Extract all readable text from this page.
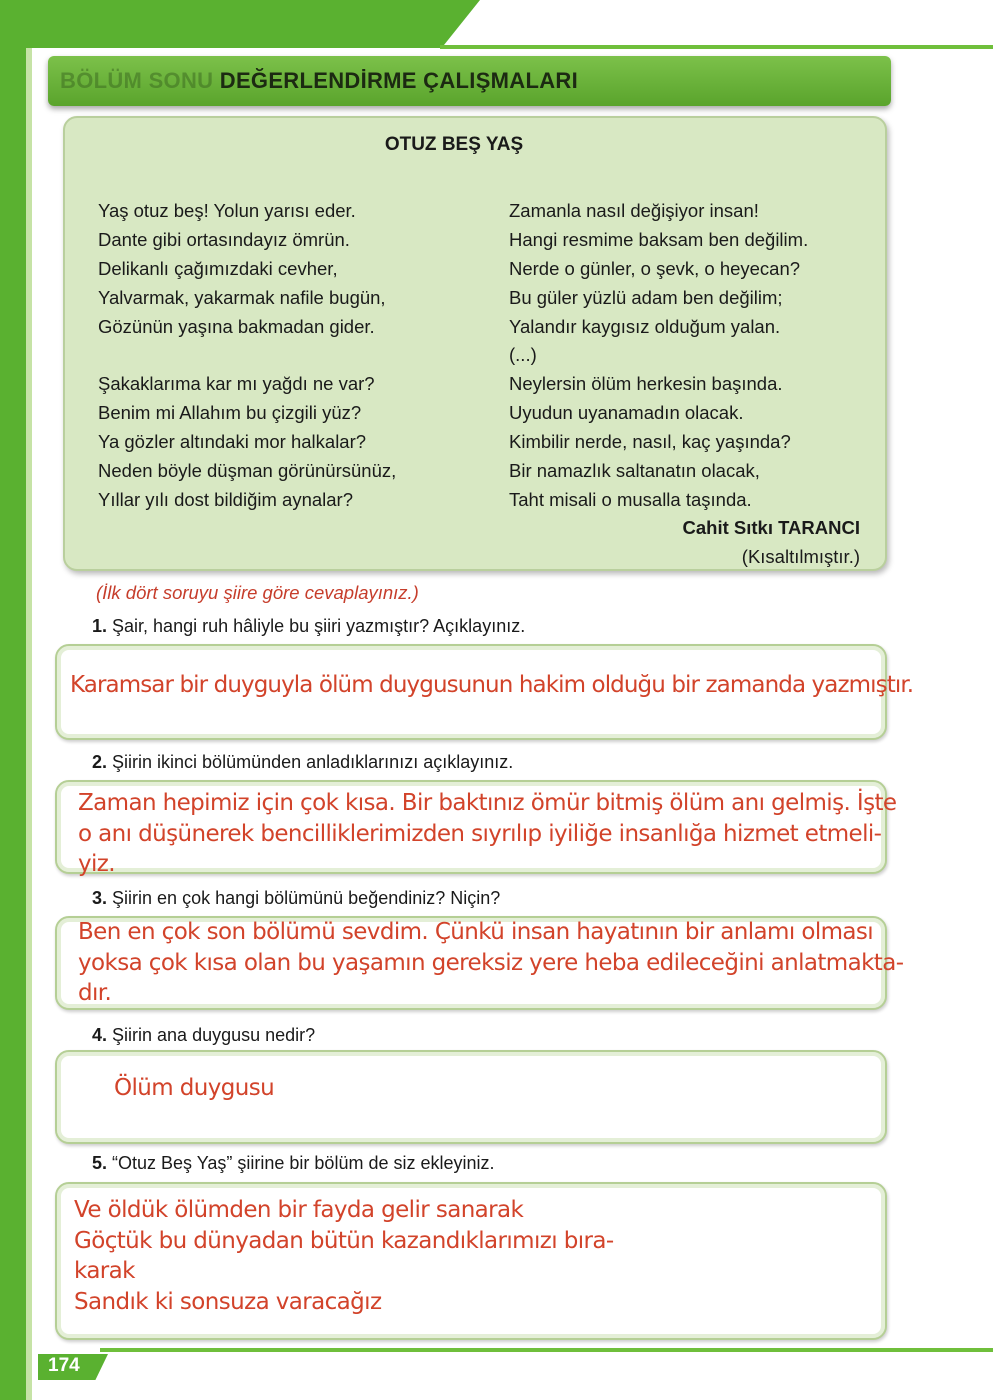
BÖLÜM SONU DEĞERLENDİRME ÇALIŞMALARI
OTUZ BEŞ YAŞ
Yaş otuz beş! Yolun yarısı eder.
Dante gibi ortasındayız ömrün.
Delikanlı çağımızdaki cevher,
Yalvarmak, yakarmak nafile bugün,
Gözünün yaşına bakmadan gider.
Şakaklarıma kar mı yağdı ne var?
Benim mi Allahım bu çizgili yüz?
Ya gözler altındaki mor halkalar?
Neden böyle düşman görünürsünüz,
Yıllar yılı dost bildiğim aynalar?
Zamanla nasıl değişiyor insan!
Hangi resmime baksam ben değilim.
Nerde o günler, o şevk, o heyecan?
Bu güler yüzlü adam ben değilim;
Yalandır kaygısız olduğum yalan.
(...)
Neylersin ölüm herkesin başında.
Uyudun uyanamadın olacak.
Kimbilir nerde, nasıl, kaç yaşında?
Bir namazlık saltanatın olacak,
Taht misali o musalla taşında.
Cahit Sıtkı TARANCI
(Kısaltılmıştır.)
(İlk dört soruyu şiire göre cevaplayınız.)
1. Şair, hangi ruh hâliyle bu şiiri yazmıştır? Açıklayınız.
Karamsar bir duyguyla ölüm duygusunun hakim olduğu bir zamanda yazmıştır.
2. Şiirin ikinci bölümünden anladıklarınızı açıklayınız.
Zaman hepimiz için çok kısa. Bir baktınız ömür bitmiş ölüm anı gelmiş. İşte
o anı düşünerek bencilliklerimizden sıyrılıp iyiliğe insanlığa hizmet etmeli-
yiz.
3. Şiirin en çok hangi bölümünü beğendiniz? Niçin?
Ben en çok son bölümü sevdim. Çünkü insan hayatının bir anlamı olması
yoksa çok kısa olan bu yaşamın gereksiz yere heba edileceğini anlatmakta-
dır.
4. Şiirin ana duygusu nedir?
Ölüm duygusu
5. “Otuz Beş Yaş” şiirine bir bölüm de siz ekleyiniz.
Ve öldük ölümden bir fayda gelir sanarak
Göçtük bu dünyadan bütün kazandıklarımızı bıra-
karak
Sandık ki sonsuza varacağız
174
